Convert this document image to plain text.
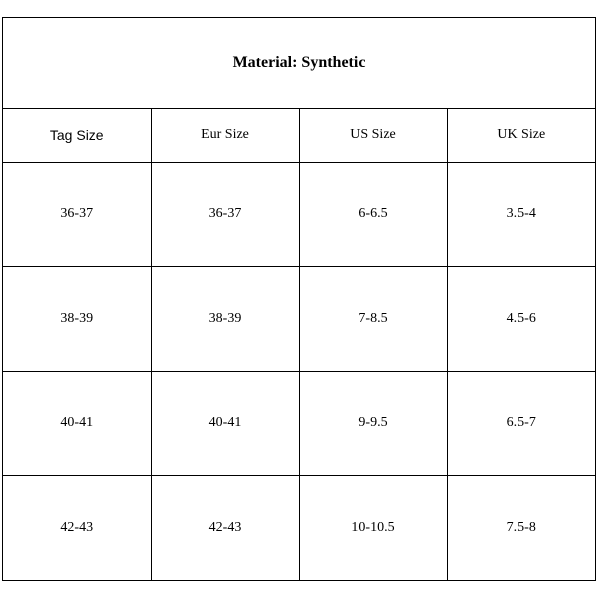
Material: Synthetic
Tag Size	Eur Size	US Size	UK Size
36-37	36-37	6-6.5	3.5-4
38-39	38-39	7-8.5	4.5-6
40-41	40-41	9-9.5	6.5-7
42-43	42-43	10-10.5	7.5-8
